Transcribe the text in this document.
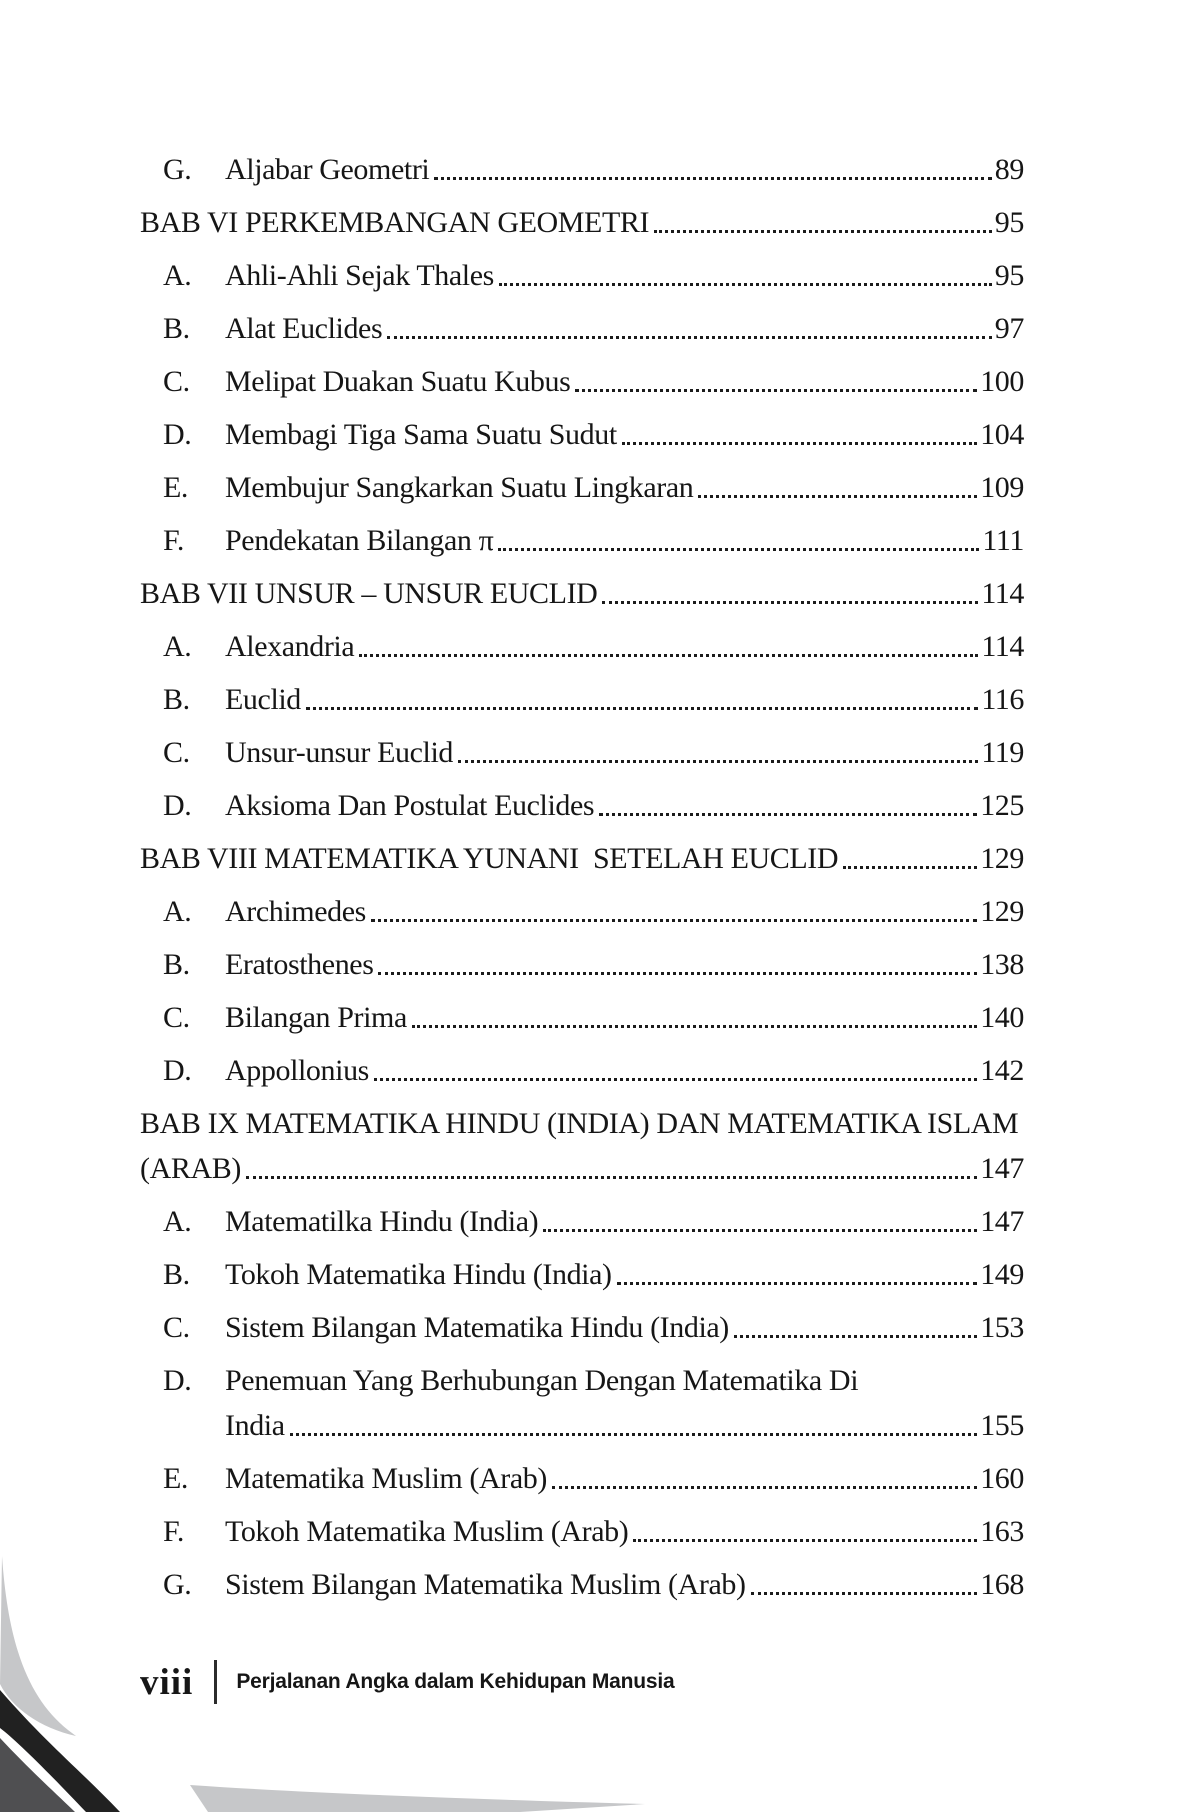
G.	Aljabar Geometri	89
BAB VI PERKEMBANGAN GEOMETRI	95
A.	Ahli-Ahli Sejak Thales	95
B.	Alat Euclides	97
C.	Melipat Duakan Suatu Kubus	100
D.	Membagi Tiga Sama Suatu Sudut	104
E.	Membujur Sangkarkan Suatu Lingkaran	109
F.	Pendekatan Bilangan π	111
BAB VII UNSUR – UNSUR EUCLID	114
A.	Alexandria	114
B.	Euclid	116
C.	Unsur-unsur Euclid	119
D.	Aksioma Dan Postulat Euclides	125
BAB VIII MATEMATIKA YUNANI  SETELAH EUCLID	129
A.	Archimedes	129
B.	Eratosthenes	138
C.	Bilangan Prima	140
D.	Appollonius	142
BAB IX MATEMATIKA HINDU (INDIA) DAN MATEMATIKA ISLAM
(ARAB)	147
A.	Matematilka Hindu (India)	147
B.	Tokoh Matematika Hindu (India)	149
C.	Sistem Bilangan Matematika Hindu (India)	153
D.	Penemuan Yang Berhubungan Dengan Matematika Di
India	155
E.	Matematika Muslim (Arab)	160
F.	Tokoh Matematika Muslim (Arab)	163
G.	Sistem Bilangan Matematika Muslim (Arab)	168
viii Perjalanan Angka dalam Kehidupan Manusia
